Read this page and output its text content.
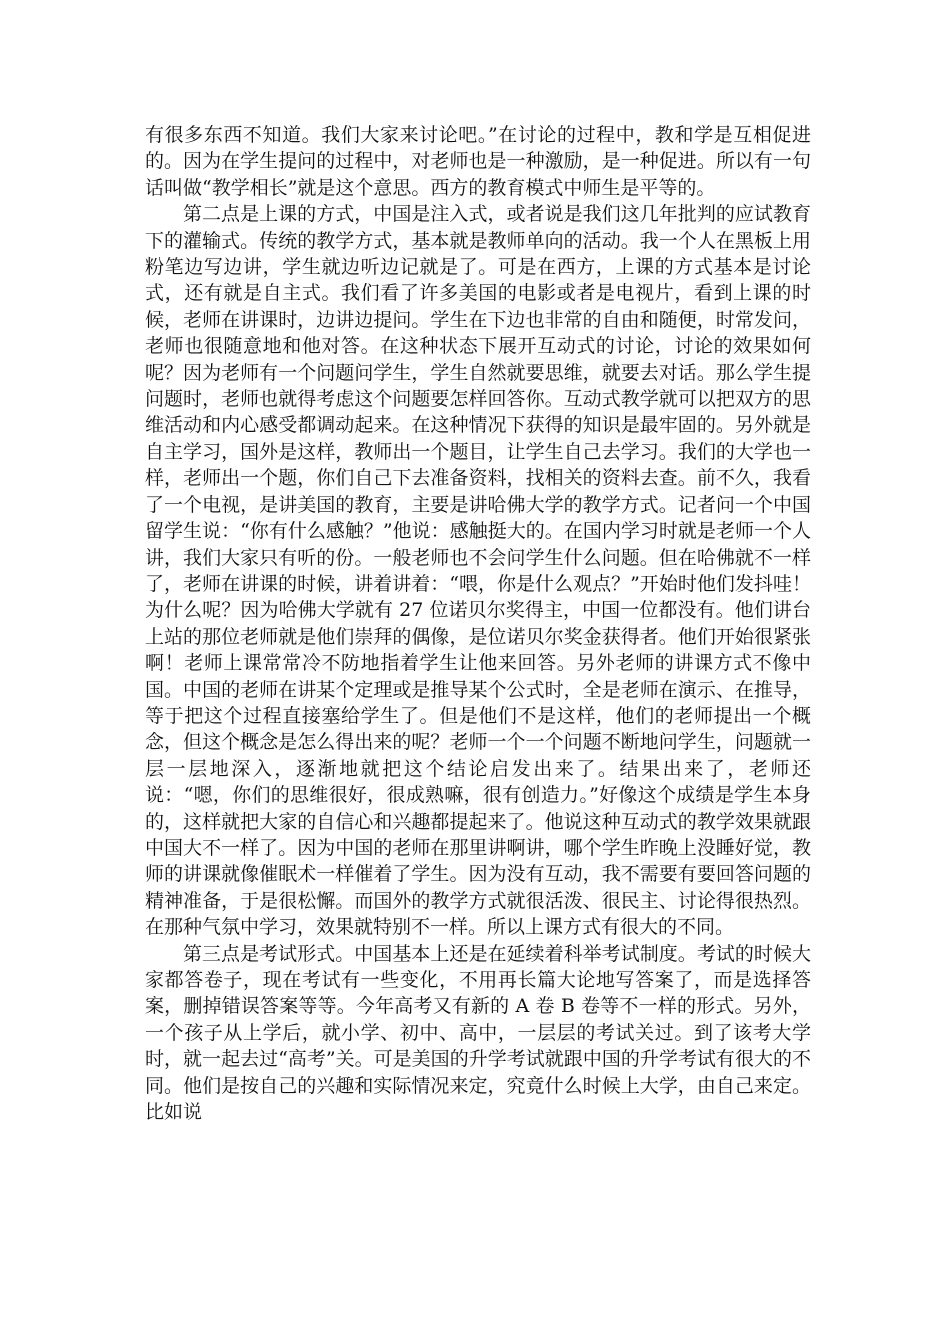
有很多东西不知道。我们大家来讨论吧。”在讨论的过程中，教和学是互相促进的。因为在学生提问的过程中，对老师也是一种激励，是一种促进。所以有一句话叫做“教学相长”就是这个意思。西方的教育模式中师生是平等的。

第二点是上课的方式，中国是注入式，或者说是我们这几年批判的应试教育下的灌输式。传统的教学方式，基本就是教师单向的活动。我一个人在黑板上用粉笔边写边讲，学生就边听边记就是了。可是在西方，上课的方式基本是讨论式，还有就是自主式。我们看了许多美国的电影或者是电视片，看到上课的时候，老师在讲课时，边讲边提问。学生在下边也非常的自由和随便，时常发问，老师也很随意地和他对答。在这种状态下展开互动式的讨论，讨论的效果如何呢？因为老师有一个问题问学生，学生自然就要思维，就要去对话。那么学生提问题时，老师也就得考虑这个问题要怎样回答你。互动式教学就可以把双方的思维活动和内心感受都调动起来。在这种情况下获得的知识是最牢固的。另外就是自主学习，国外是这样，教师出一个题目，让学生自己去学习。我们的大学也一样，老师出一个题，你们自己下去准备资料，找相关的资料去查。前不久，我看了一个电视，是讲美国的教育，主要是讲哈佛大学的教学方式。记者问一个中国留学生说：“你有什么感触？”他说：感触挺大的。在国内学习时就是老师一个人讲，我们大家只有听的份。一般老师也不会问学生什么问题。但在哈佛就不一样了，老师在讲课的时候，讲着讲着：“喂，你是什么观点？”开始时他们发抖哇！为什么呢？因为哈佛大学就有 27 位诺贝尔奖得主，中国一位都没有。他们讲台上站的那位老师就是他们崇拜的偶像，是位诺贝尔奖金获得者。他们开始很紧张啊！老师上课常常冷不防地指着学生让他来回答。另外老师的讲课方式不像中国。中国的老师在讲某个定理或是推导某个公式时，全是老师在演示、在推导，等于把这个过程直接塞给学生了。但是他们不是这样，他们的老师提出一个概念，但这个概念是怎么得出来的呢？老师一个一个问题不断地问学生，问题就一层一层地深入，逐渐地就把这个结论启发出来了。结果出来了，老师还说：“嗯，你们的思维很好，很成熟嘛，很有创造力。”好像这个成绩是学生本身的，这样就把大家的自信心和兴趣都提起来了。他说这种互动式的教学效果就跟中国大不一样了。因为中国的老师在那里讲啊讲，哪个学生昨晚上没睡好觉，教师的讲课就像催眠术一样催着了学生。因为没有互动，我不需要有要回答问题的精神准备，于是很松懈。而国外的教学方式就很活泼、很民主、讨论得很热烈。在那种气氛中学习，效果就特别不一样。所以上课方式有很大的不同。

第三点是考试形式。中国基本上还是在延续着科举考试制度。考试的时候大家都答卷子，现在考试有一些变化，不用再长篇大论地写答案了，而是选择答案，删掉错误答案等等。今年高考又有新的 A 卷 B 卷等不一样的形式。另外，一个孩子从上学后，就小学、初中、高中，一层层的考试关过。到了该考大学时，就一起去过“高考”关。可是美国的升学考试就跟中国的升学考试有很大的不同。他们是按自己的兴趣和实际情况来定，究竟什么时候上大学，由自己来定。比如说
